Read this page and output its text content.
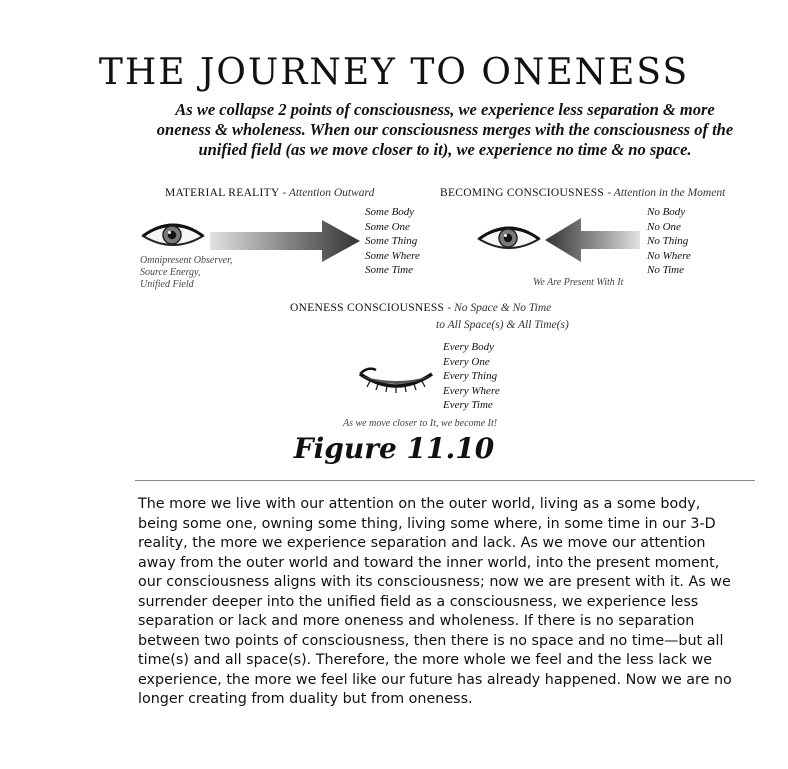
THE JOURNEY TO ONENESS

As we collapse 2 points of consciousness, we experience less separation & more oneness & wholeness. When our consciousness merges with the consciousness of the unified field (as we move closer to it), we experience no time & no space.

MATERIAL REALITY - Attention Outward
Omnipresent Observer,
Source Energy,
Unified Field
Some Body
Some One
Some Thing
Some Where
Some Time
BECOMING CONSCIOUSNESS - Attention in the Moment
No Body
No One
No Thing
No Where
No Time
We Are Present With It
ONENESS CONSCIOUSNESS - No Space & No Time
to All Space(s) & All Time(s)
Every Body
Every One
Every Thing
Every Where
Every Time
As we move closer to It, we become It!
Figure 11.10

The more we live with our attention on the outer world, living as a some body, being some one, owning some thing, living some where, in some time in our 3-D reality, the more we experience separation and lack. As we move our attention away from the outer world and toward the inner world, into the present moment, our consciousness aligns with its consciousness; now we are present with it. As we surrender deeper into the unified field as a consciousness, we experience less separation or lack and more oneness and wholeness. If there is no separation between two points of consciousness, then there is no space and no time—but all time(s) and all space(s). Therefore, the more whole we feel and the less lack we experience, the more we feel like our future has already happened. Now we are no longer creating from duality but from oneness.
